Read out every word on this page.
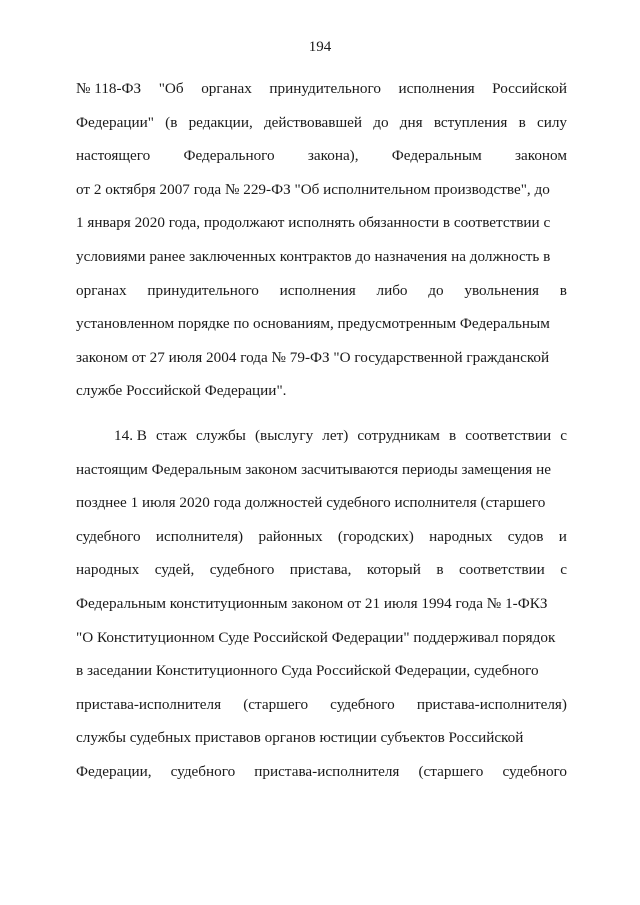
194
№ 118-ФЗ "Об органах принудительного исполнения Российской
Федерации" (в редакции, действовавшей до дня вступления в силу
настоящего Федерального закона), Федеральным законом
от 2 октября 2007 года № 229-ФЗ "Об исполнительном производстве", до
1 января 2020 года, продолжают исполнять обязанности в соответствии с
условиями ранее заключенных контрактов до назначения на должность в
органах принудительного исполнения либо до увольнения в
установленном порядке по основаниям, предусмотренным Федеральным
законом от 27 июля 2004 года № 79-ФЗ "О государственной гражданской
службе Российской Федерации".
14. В стаж службы (выслугу лет) сотрудникам в соответствии с
настоящим Федеральным законом засчитываются периоды замещения не
позднее 1 июля 2020 года должностей судебного исполнителя (старшего
судебного исполнителя) районных (городских) народных судов и
народных судей, судебного пристава, который в соответствии с
Федеральным конституционным законом от 21 июля 1994 года № 1-ФКЗ
"О Конституционном Суде Российской Федерации" поддерживал порядок
в заседании Конституционного Суда Российской Федерации, судебного
пристава-исполнителя (старшего судебного пристава-исполнителя)
службы судебных приставов органов юстиции субъектов Российской
Федерации, судебного пристава-исполнителя (старшего судебного
